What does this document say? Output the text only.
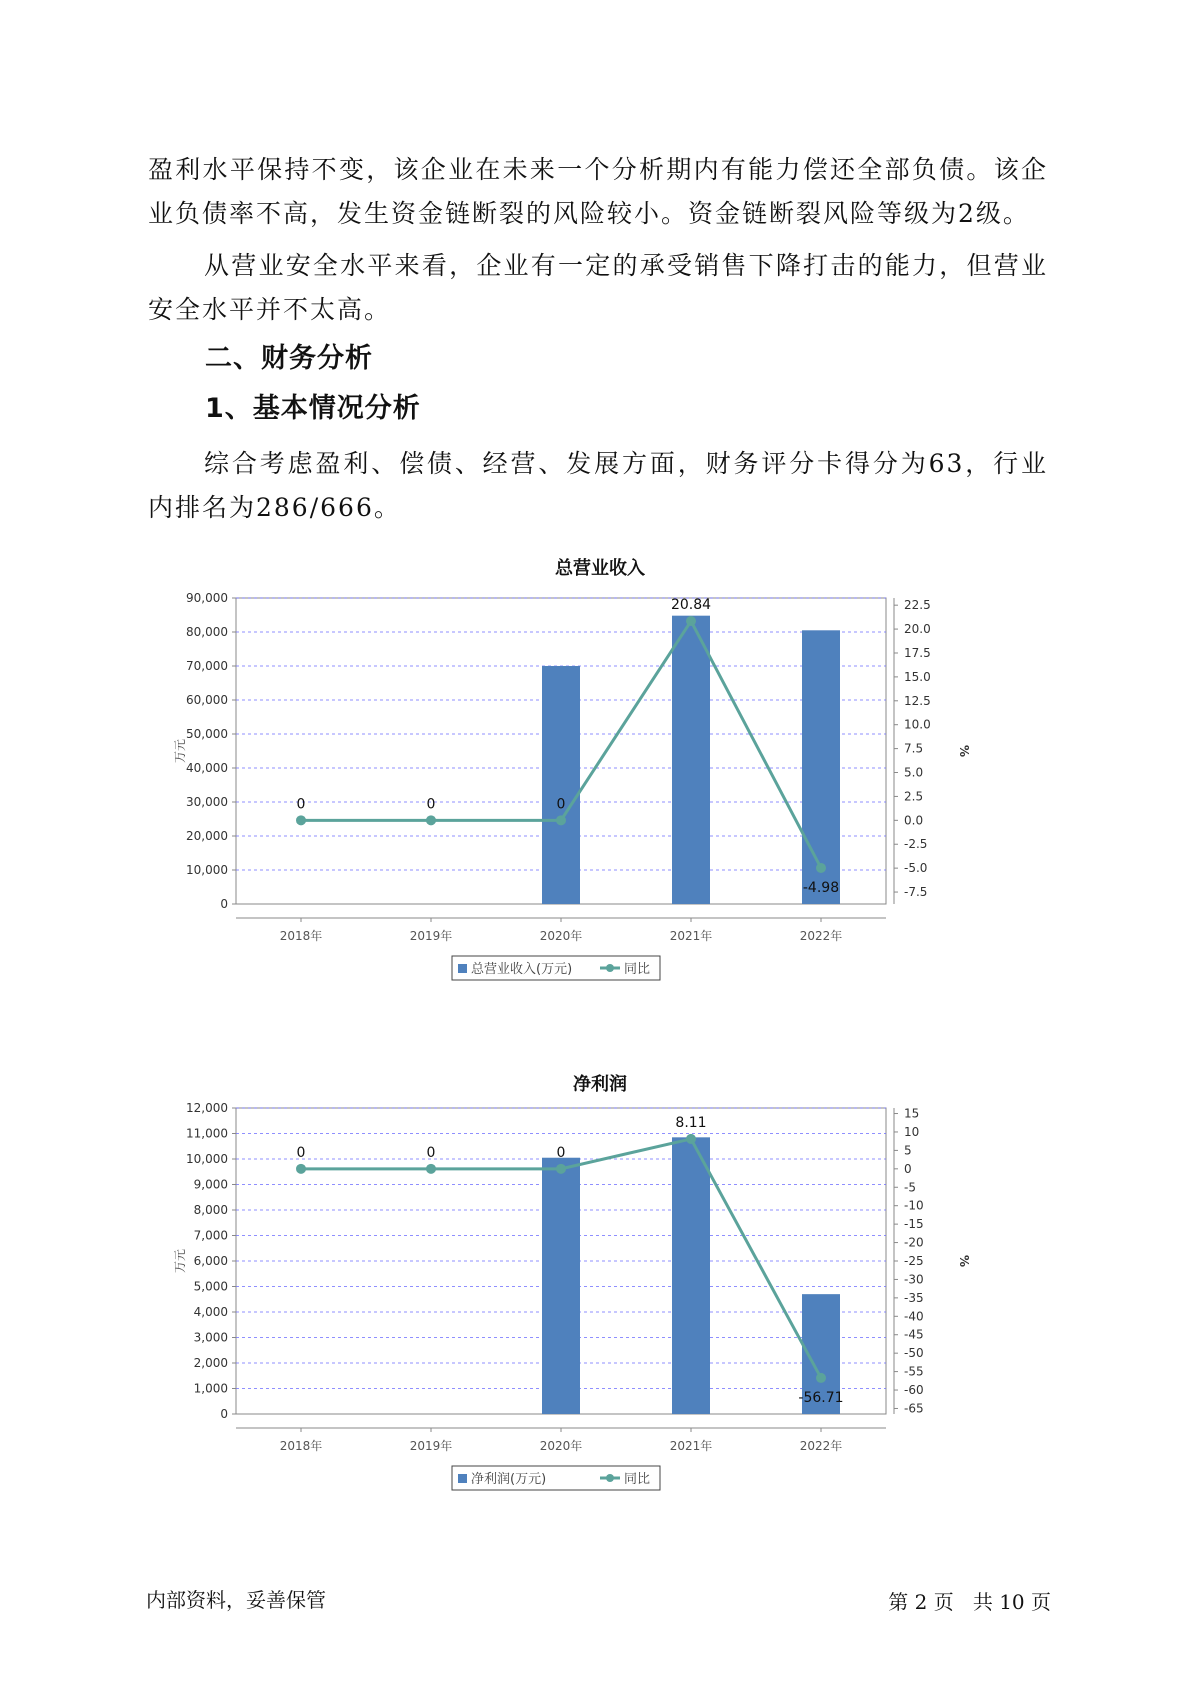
盈利水平保持不变，该企业在未来一个分析期内有能力偿还全部负债。该企业负债率不高，发生资金链断裂的风险较小。资金链断裂风险等级为2级。

从营业安全水平来看，企业有一定的承受销售下降打击的能力，但营业安全水平并不太高。

二、财务分析
1、基本情况分析

综合考虑盈利、偿债、经营、发展方面，财务评分卡得分为63，行业内排名为286/666。

总营业收入
0
10,000
20,000
30,000
40,000
50,000
60,000
70,000
80,000
90,000
-7.5
-5.0
-2.5
0.0
2.5
5.0
7.5
10.0
12.5
15.0
17.5
20.0
22.5
万元	%
2018年	2019年	2020年	2021年	2022年
0	0	0
20.84
-4.98
总营业收入(万元)	同比
净利润
0
1,000
2,000
3,000
4,000
5,000
6,000
7,000
8,000
9,000
10,000
11,000
12,000
-65
-60
-55
-50
-45
-40
-35
-30
-25
-20
-15
-10
-5
0
5
10
15
万元	%
2018年	2019年	2020年	2021年	2022年
0	0	0
8.11
-56.71
净利润(万元)	同比
内部资料，妥善保管	第 2 页 共 10 页
